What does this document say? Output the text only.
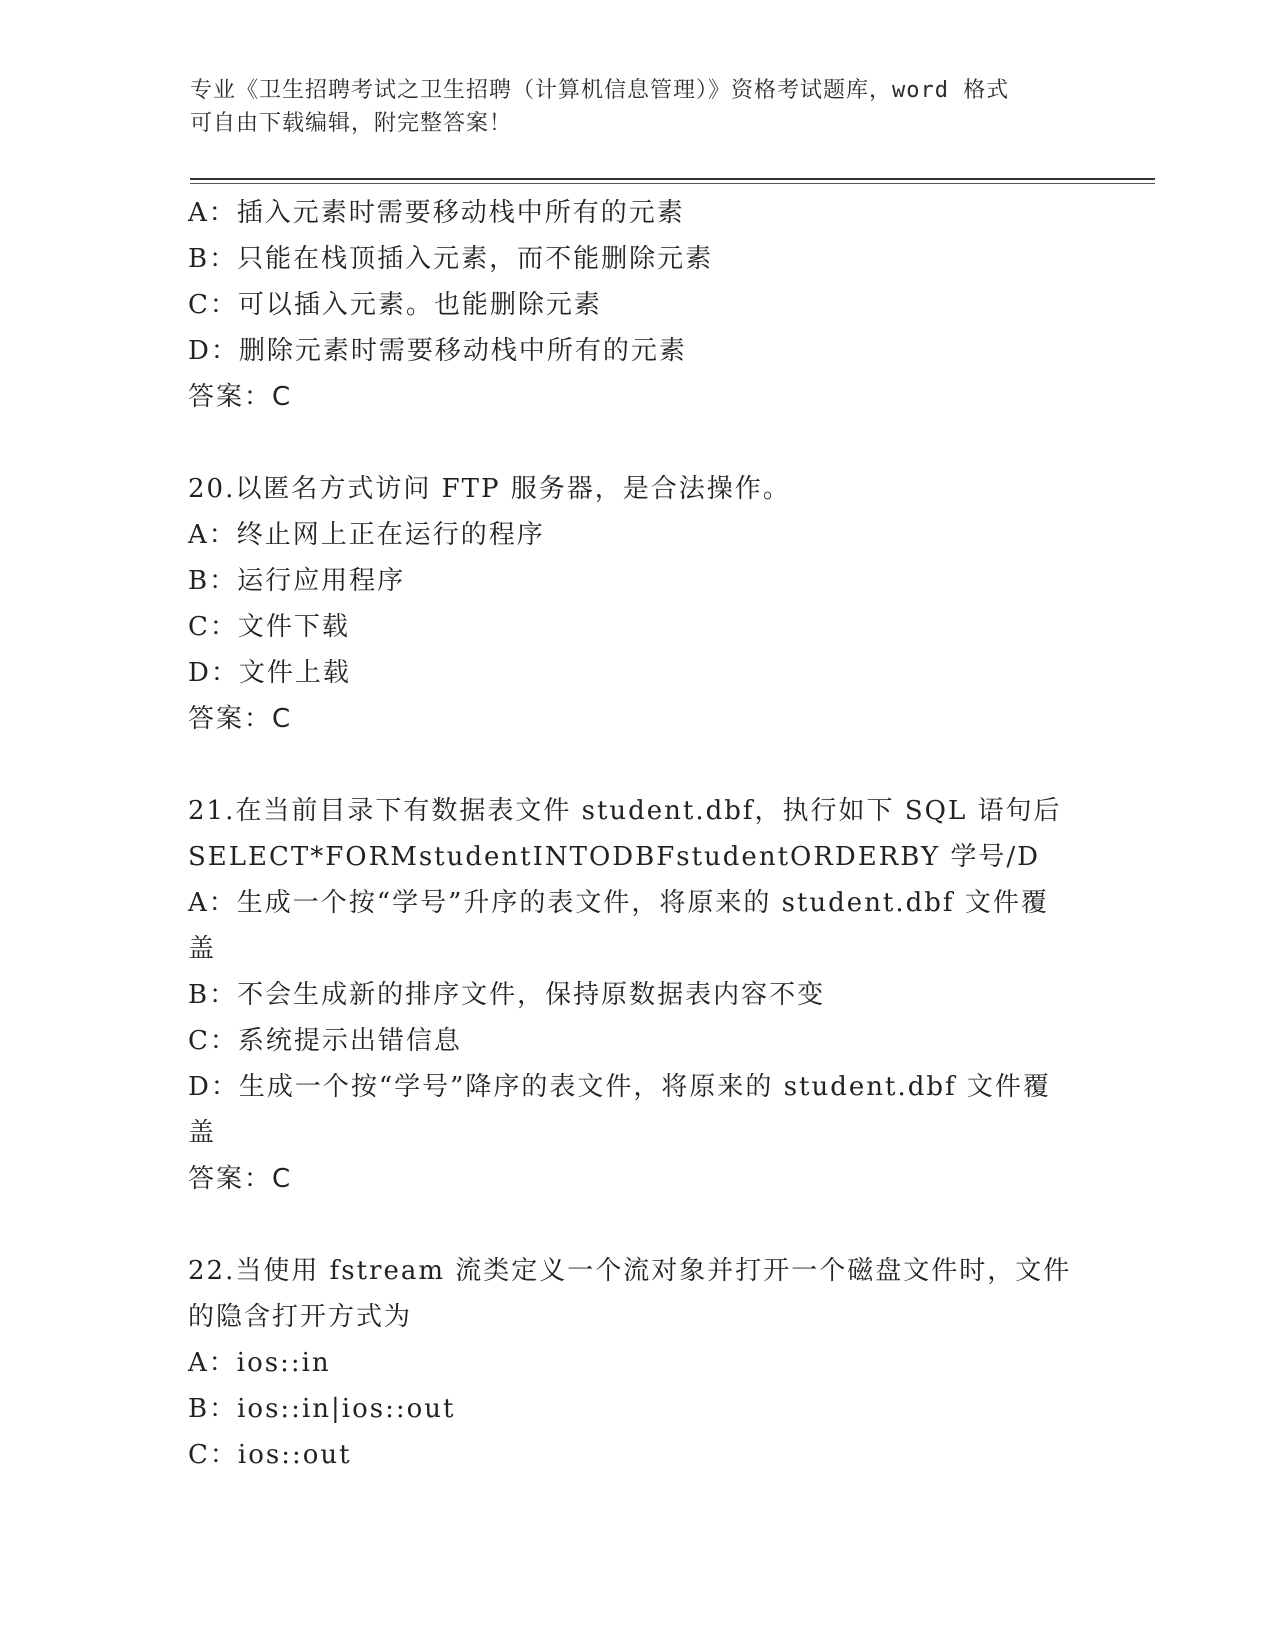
专业《卫生招聘考试之卫生招聘（计算机信息管理）》资格考试题库，word 格式
可自由下载编辑，附完整答案！
A：插入元素时需要移动栈中所有的元素
B：只能在栈顶插入元素，而不能删除元素
C：可以插入元素。也能删除元素
D：删除元素时需要移动栈中所有的元素
答案：C
20.以匿名方式访问 FTP 服务器，是合法操作。
A：终止网上正在运行的程序
B：运行应用程序
C：文件下载
D：文件上载
答案：C
21.在当前目录下有数据表文件 student.dbf，执行如下 SQL 语句后
SELECT*FORMstudentINTODBFstudentORDERBY 学号/D
A：生成一个按“学号”升序的表文件，将原来的 student.dbf 文件覆
盖
B：不会生成新的排序文件，保持原数据表内容不变
C：系统提示出错信息
D：生成一个按“学号”降序的表文件，将原来的 student.dbf 文件覆
盖
答案：C
22.当使用 fstream 流类定义一个流对象并打开一个磁盘文件时，文件
的隐含打开方式为
A：ios::in
B：ios::in|ios::out
C：ios::out
